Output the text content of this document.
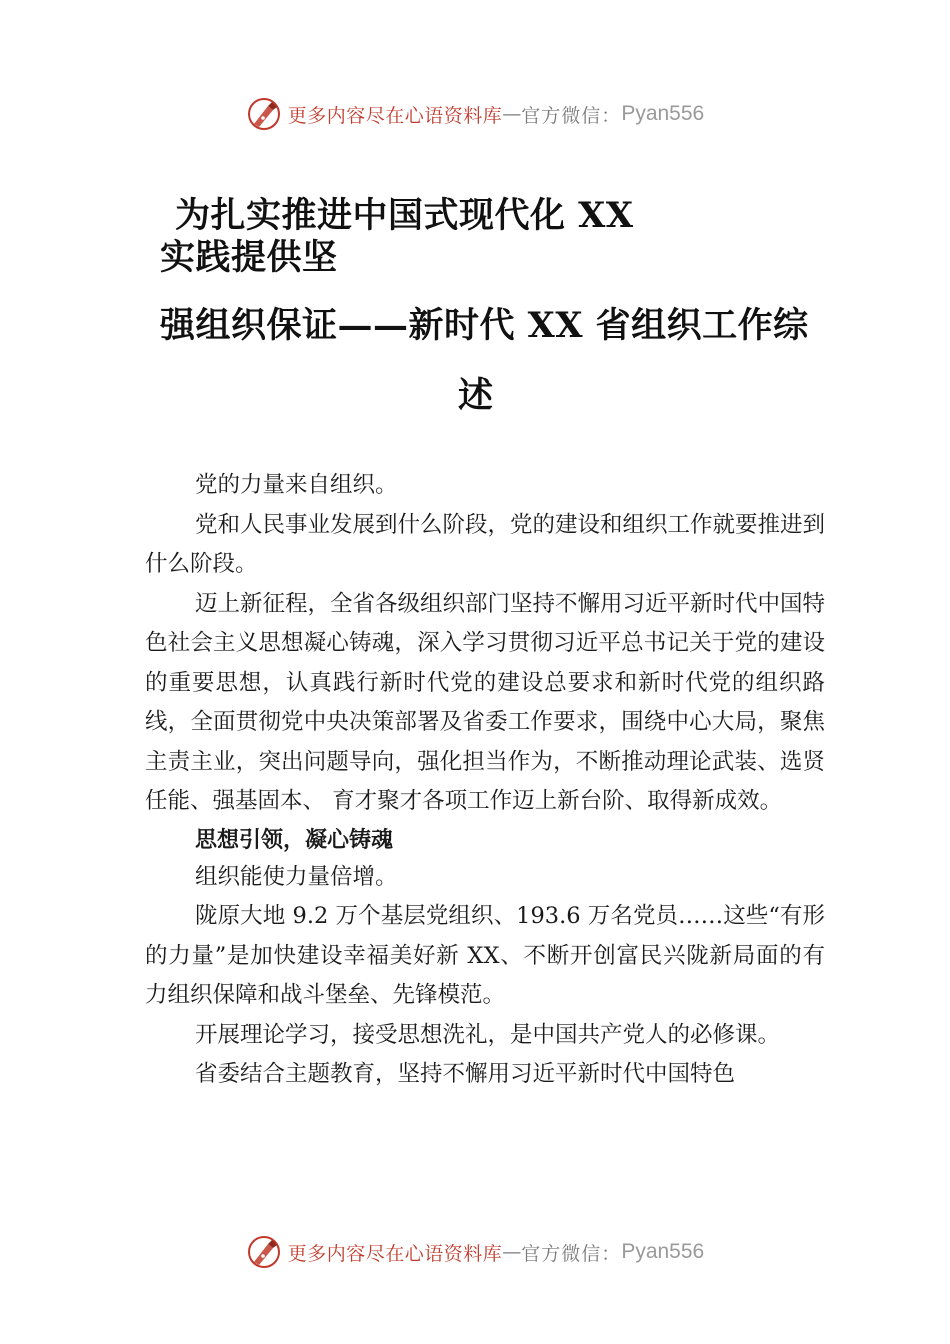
更多内容尽在心语资料库 — 官方微信： Pyan556
为扎实推进中国式现代化 XX
实践提供坚
强组织保证——新时代 XX 省组织工作综
述

党的力量来自组织。

党和人民事业发展到什么阶段，党的建设和组织工作就要推进到什么阶段。

迈上新征程，全省各级组织部门坚持不懈用习近平新时代中国特色社会主义思想凝心铸魂，深入学习贯彻习近平总书记关于党的建设的重要思想，认真践行新时代党的建设总要求和新时代党的组织路线，全面贯彻党中央决策部署及省委工作要求，围绕中心大局，聚焦主责主业，突出问题导向，强化担当作为，不断推动理论武装、选贤任能、强基固本、 育才聚才各项工作迈上新台阶、取得新成效。

思想引领，凝心铸魂

组织能使力量倍增。

陇原大地 9.2 万个基层党组织、193.6 万名党员……这些“有形的力量”是加快建设幸福美好新 XX、不断开创富民兴陇新局面的有力组织保障和战斗堡垒、先锋模范。

开展理论学习，接受思想洗礼，是中国共产党人的必修课。

省委结合主题教育，坚持不懈用习近平新时代中国特色

更多内容尽在心语资料库 — 官方微信： Pyan556
